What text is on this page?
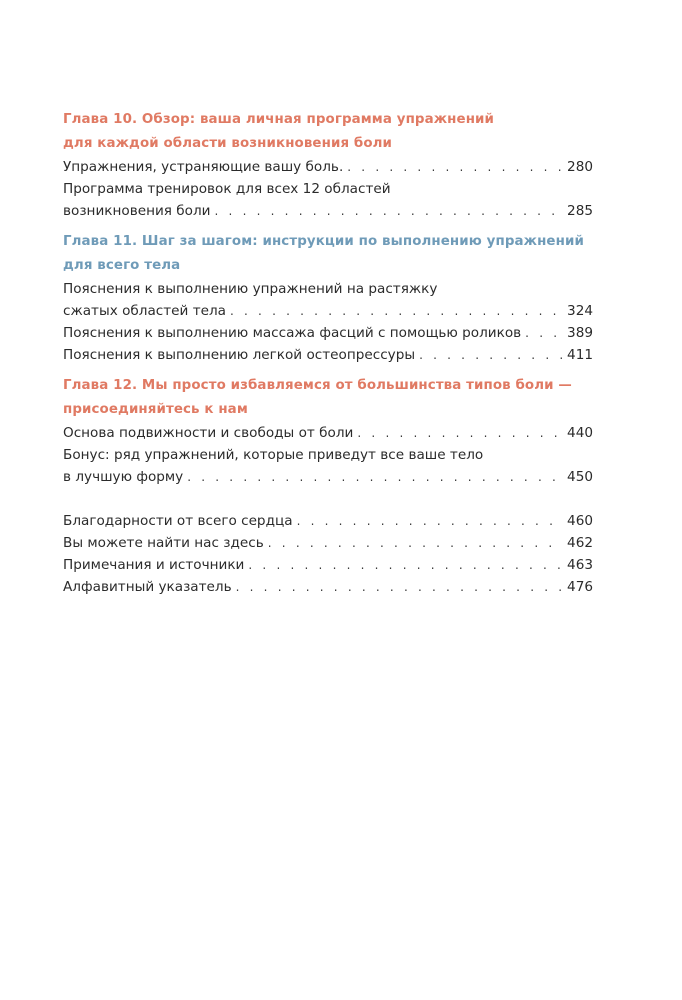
Глава 10. Обзор: ваша личная программа упражнений
для каждой области возникновения боли

Упражнения, устраняющие вашу боль. . . .	280
Программа тренировок для всех 12 областей
возникновения боли . . .	285

Глава 11. Шаг за шагом: инструкции по выполнению упражнений
для всего тела

Пояснения к выполнению упражнений на растяжку
сжатых областей тела . . .	324
Пояснения к выполнению массажа фасций с помощью роликов . . .	389
Пояснения к выполнению легкой остеопрессуры . . .	411

Глава 12. Мы просто избавляемся от большинства типов боли —
присоединяйтесь к нам

Основа подвижности и свободы от боли . . .	440
Бонус: ряд упражнений, которые приведут все ваше тело
в лучшую форму . . .	450
Благодарности от всего сердца . . .	460
Вы можете найти нас здесь . . .	462
Примечания и источники . . .	463
Алфавитный указатель . . .	476
